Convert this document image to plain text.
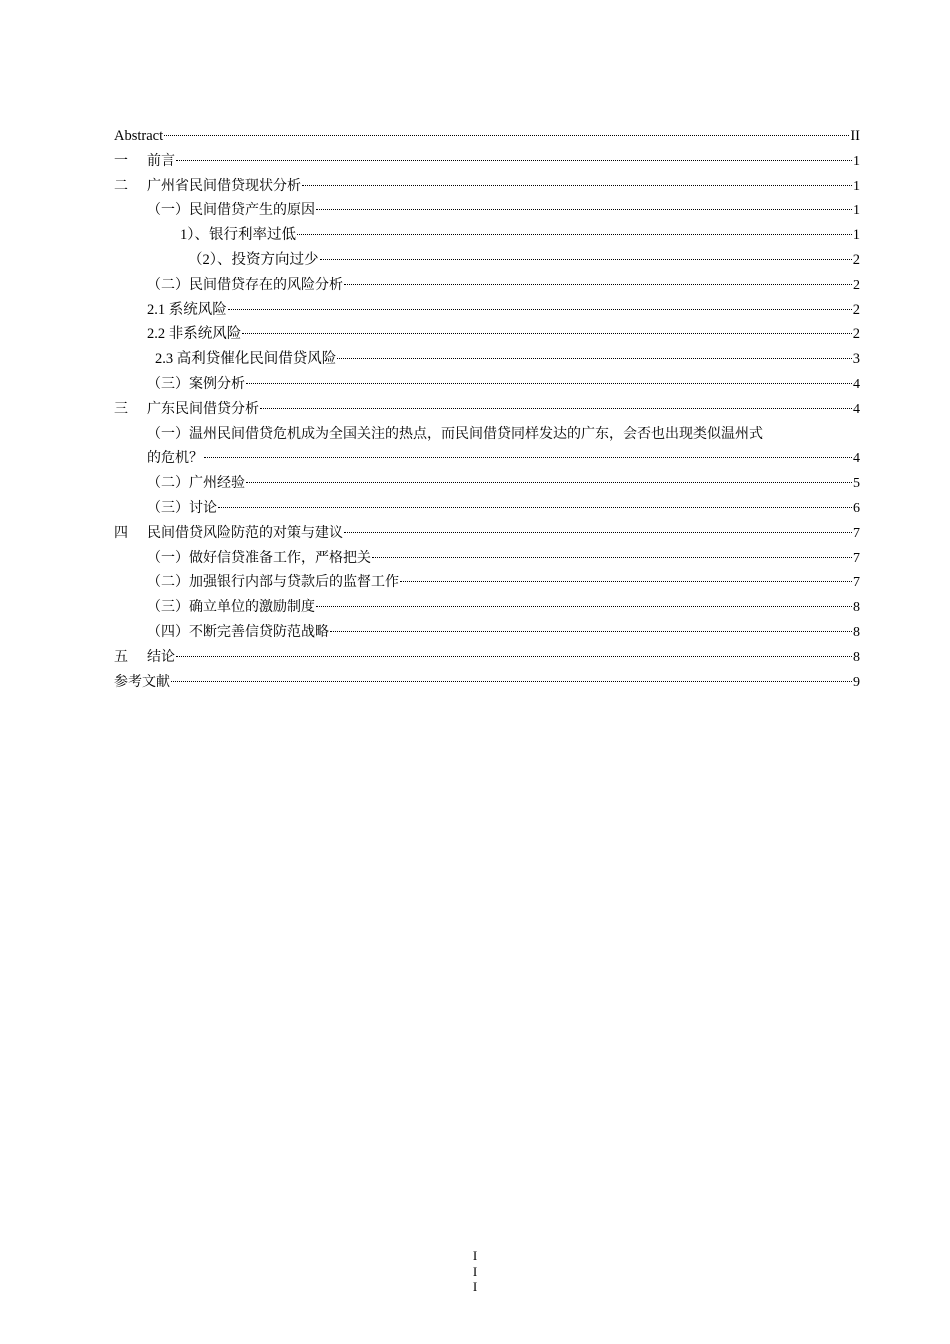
Abstract	II
一	前言	1
二	广州省民间借贷现状分析	1
（一）民间借贷产生的原因	1
1）、银行利率过低	1
（2）、投资方向过少	2
（二）民间借贷存在的风险分析	2
2.1 系统风险	2
2.2 非系统风险	2
2.3 高利贷催化民间借贷风险	3
（三）案例分析	4
三	广东民间借贷分析	4
（一）温州民间借贷危机成为全国关注的热点，而民间借贷同样发达的广东，会否也出现类似温州式
的危机？	4
（二）广州经验	5
（三）讨论	6
四	民间借贷风险防范的对策与建议	7
（一）做好信贷准备工作，严格把关	7
（二）加强银行内部与贷款后的监督工作	7
（三）确立单位的激励制度	8
（四）不断完善信贷防范战略	8
五	结论	8
参考文献	9
I
I
I
